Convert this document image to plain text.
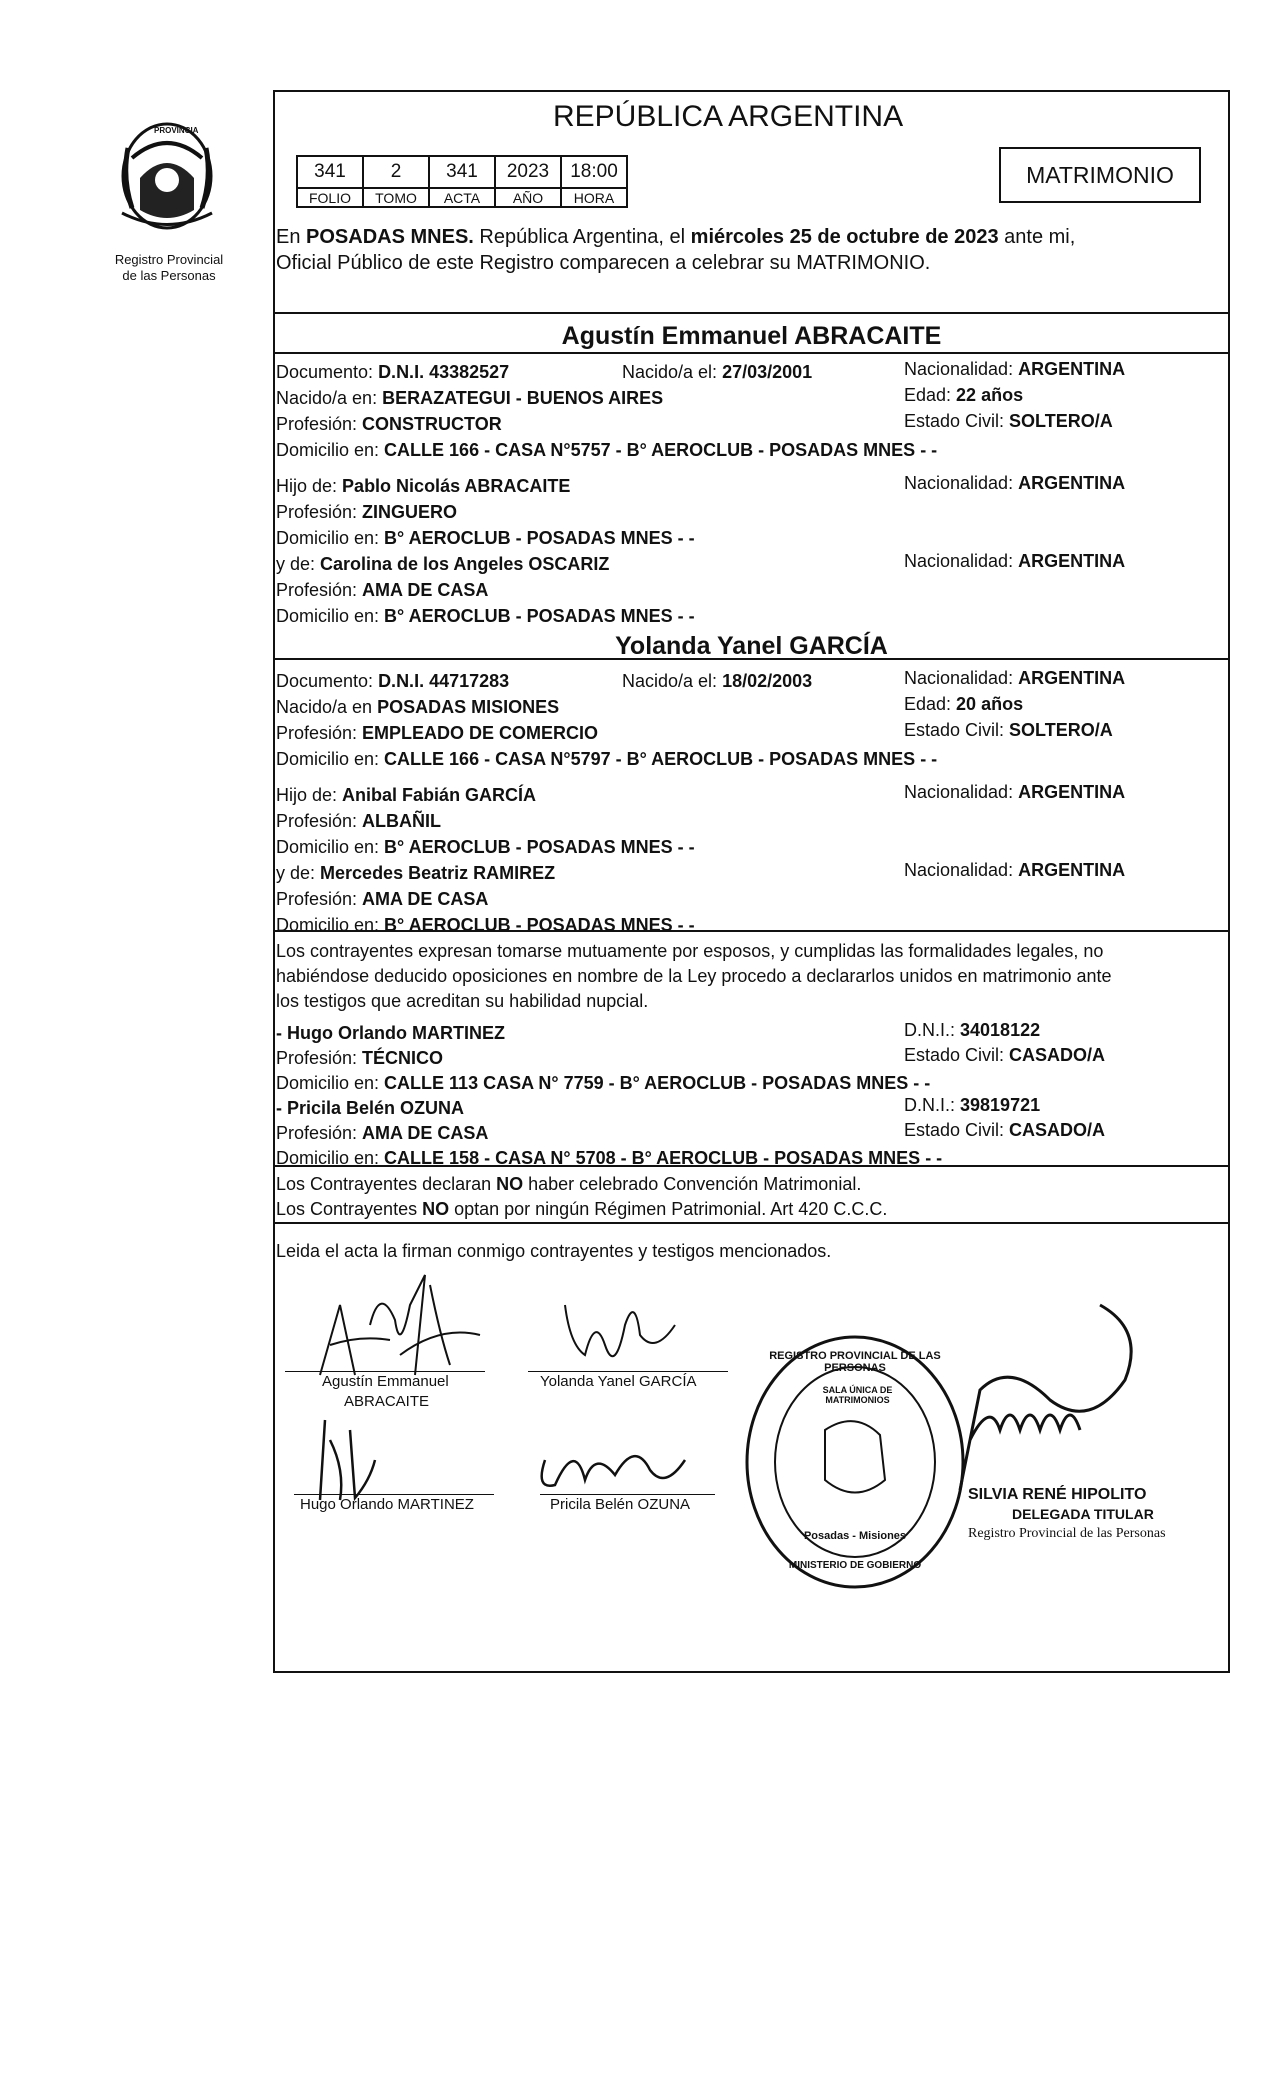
PROVINCIA
Registro Provincial
de las Personas
REPÚBLICA ARGENTINA
341	2	341	2023	18:00
FOLIO	TOMO	ACTA	AÑO	HORA
MATRIMONIO
En POSADAS MNES. República Argentina, el miércoles 25 de octubre de 2023 ante mi,
Oficial Público de este Registro comparecen a celebrar su MATRIMONIO.
Agustín Emmanuel ABRACAITE
Documento: D.N.I. 43382527	Nacido/a el: 27/03/2001	Nacionalidad: ARGENTINA
Nacido/a en: BERAZATEGUI - BUENOS AIRES	Edad: 22 años
Profesión: CONSTRUCTOR	Estado Civil: SOLTERO/A
Domicilio en: CALLE 166 - CASA N°5757 - B° AEROCLUB - POSADAS MNES - -
Hijo de: Pablo Nicolás ABRACAITE	Nacionalidad: ARGENTINA
Profesión: ZINGUERO
Domicilio en: B° AEROCLUB - POSADAS MNES - -
y de: Carolina de los Angeles OSCARIZ	Nacionalidad: ARGENTINA
Profesión: AMA DE CASA
Domicilio en: B° AEROCLUB - POSADAS MNES - -
Yolanda Yanel GARCÍA
Documento: D.N.I. 44717283	Nacido/a el: 18/02/2003	Nacionalidad: ARGENTINA
Nacido/a en POSADAS MISIONES	Edad: 20 años
Profesión: EMPLEADO DE COMERCIO	Estado Civil: SOLTERO/A
Domicilio en: CALLE 166 - CASA N°5797 - B° AEROCLUB - POSADAS MNES - -
Hijo de: Anibal Fabián GARCÍA	Nacionalidad: ARGENTINA
Profesión: ALBAÑIL
Domicilio en: B° AEROCLUB - POSADAS MNES - -
y de: Mercedes Beatriz RAMIREZ	Nacionalidad: ARGENTINA
Profesión: AMA DE CASA
Domicilio en: B° AEROCLUB - POSADAS MNES - -
Los contrayentes expresan tomarse mutuamente por esposos, y cumplidas las formalidades legales, no
habiéndose deducido oposiciones en nombre de la Ley procedo a declararlos unidos en matrimonio ante
los testigos que acreditan su habilidad nupcial.
- Hugo Orlando MARTINEZ	D.N.I.: 34018122
Profesión: TÉCNICO	Estado Civil: CASADO/A
Domicilio en: CALLE 113 CASA N° 7759 - B° AEROCLUB - POSADAS MNES - -
- Pricila Belén OZUNA	D.N.I.: 39819721
Profesión: AMA DE CASA	Estado Civil: CASADO/A
Domicilio en: CALLE 158 - CASA N° 5708 - B° AEROCLUB - POSADAS MNES - -
Los Contrayentes declaran NO haber celebrado Convención Matrimonial.
Los Contrayentes NO optan por ningún Régimen Patrimonial. Art 420 C.C.C.
Leida el acta la firman conmigo contrayentes y testigos mencionados.
Agustín Emmanuel
ABRACAITE
Yolanda Yanel GARCÍA
Hugo Orlando MARTINEZ	Pricila Belén OZUNA
REGISTRO PROVINCIAL DE LAS PERSONAS
SALA ÚNICA DE MATRIMONIOS
Posadas - Misiones
MINISTERIO DE GOBIERNO
SILVIA RENÉ HIPOLITO
DELEGADA TITULAR
Registro Provincial de las Personas
